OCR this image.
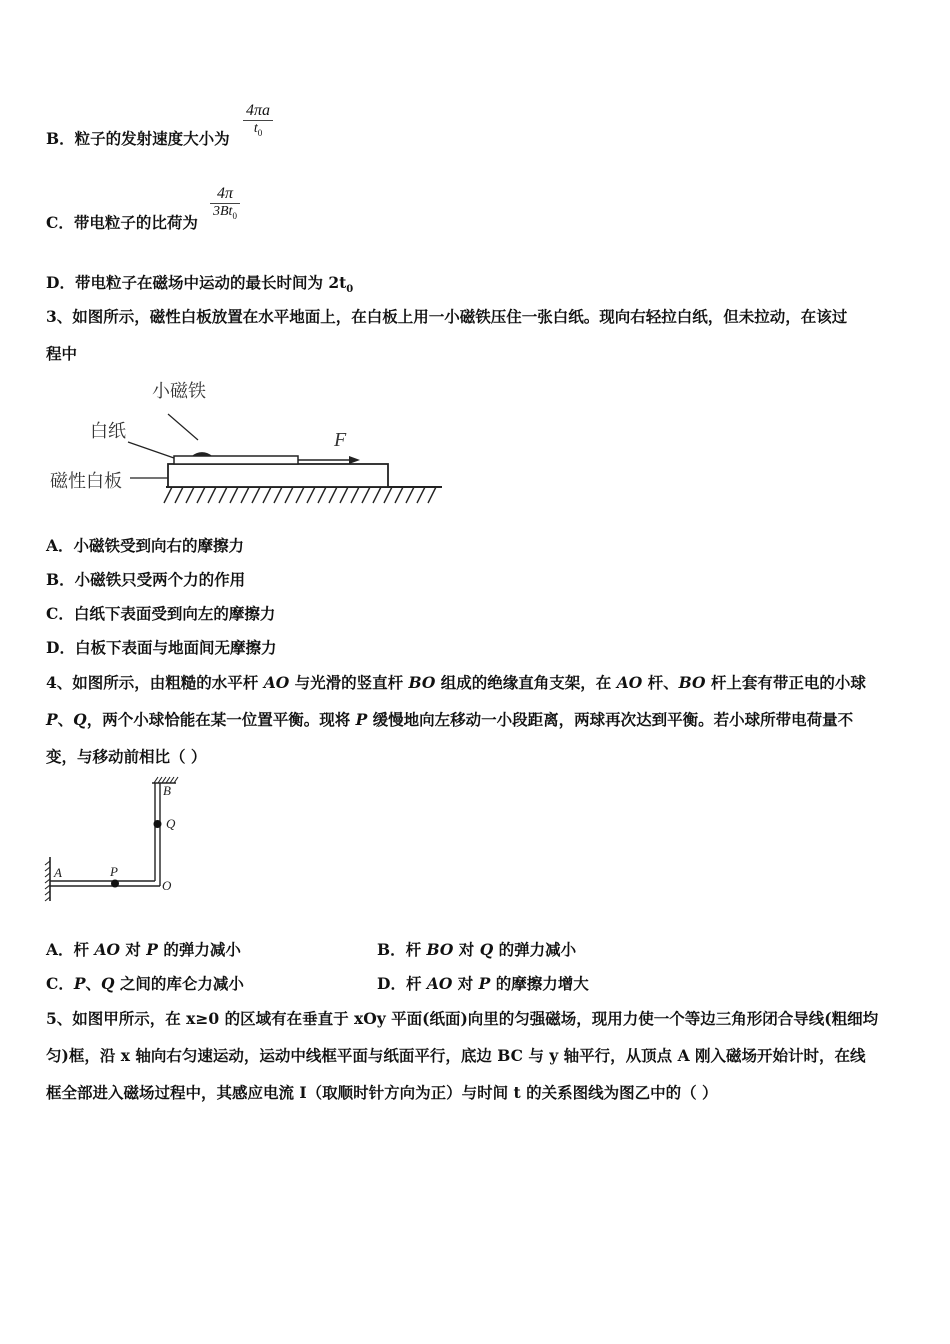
B．粒子的发射速度大小为
4πa
$t_0$
C．带电粒子的比荷为
4π
$3Bt_0$
D．带电粒子在磁场中运动的最长时间为 $2t_0$
3、如图所示，磁性白板放置在水平地面上，在白板上用一小磁铁压住一张白纸。现向右轻拉白纸，但未拉动，在该过
程中
小磁铁
白纸
磁性白板
F
A．小磁铁受到向右的摩擦力
B．小磁铁只受两个力的作用
C．白纸下表面受到向左的摩擦力
D．白板下表面与地面间无摩擦力
4、如图所示，由粗糙的水平杆 AO 与光滑的竖直杆 BO 组成的绝缘直角支架，在 AO 杆、BO 杆上套有带正电的小球
P、Q，两个小球恰能在某一位置平衡。现将 P 缓慢地向左移动一小段距离，两球再次达到平衡。若小球所带电荷量不
变，与移动前相比（ ）
B
Q
A	P
O
A．杆 AO 对 P 的弹力减小	B．杆 BO 对 Q 的弹力减小
C．P、Q 之间的库仑力减小	D．杆 AO 对 P 的摩擦力增大
5、如图甲所示，在 x≥0 的区域有在垂直于 xOy 平面(纸面)向里的匀强磁场，现用力使一个等边三角形闭合导线(粗细均
匀)框，沿 x 轴向右匀速运动，运动中线框平面与纸面平行，底边 BC 与 y 轴平行，从顶点 A 刚入磁场开始计时，在线
框全部进入磁场过程中，其感应电流 I（取顺时针方向为正）与时间 t 的关系图线为图乙中的（ ）
